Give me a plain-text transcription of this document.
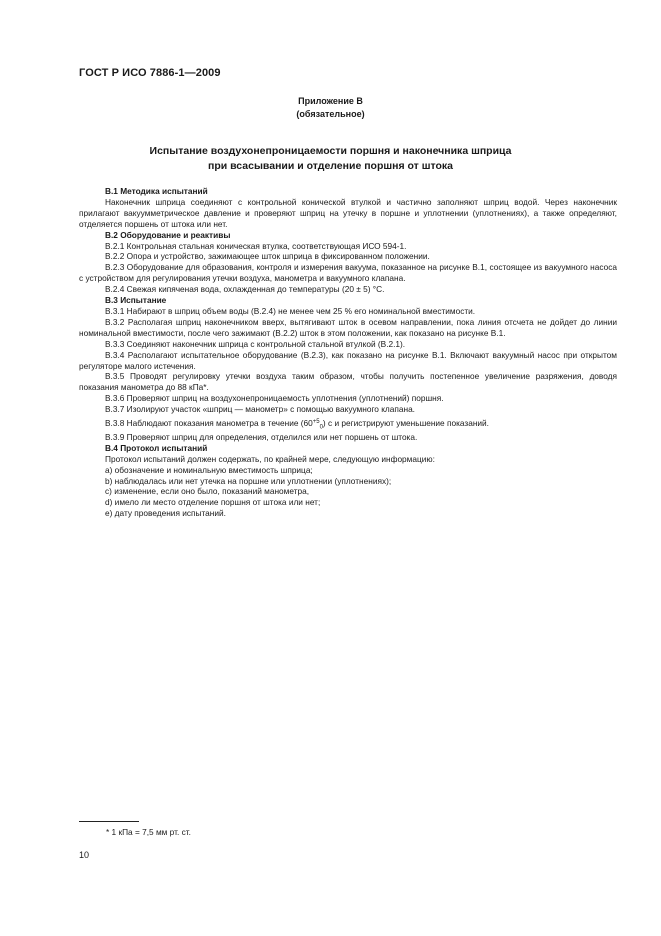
ГОСТ Р ИСО 7886-1—2009
Приложение В
(обязательное)
Испытание воздухонепроницаемости поршня и наконечника шприца
при всасывании и отделение поршня от штока

В.1 Методика испытаний

Наконечник шприца соединяют с контрольной конической втулкой и частично заполняют шприц водой. Через наконечник прилагают вакуумметрическое давление и проверяют шприц на утечку в поршне и уплотнении (уплотнениях), а также определяют, отделяется поршень от штока или нет.

В.2 Оборудование и реактивы

В.2.1 Контрольная стальная коническая втулка, соответствующая ИСО 594-1.

В.2.2 Опора и устройство, зажимающее шток шприца в фиксированном положении.

В.2.3 Оборудование для образования, контроля и измерения вакуума, показанное на рисунке В.1, состоящее из вакуумного насоса с устройством для регулирования утечки воздуха, манометра и вакуумного клапана.

В.2.4 Свежая кипяченая вода, охлажденная до температуры (20 ± 5) °С.

В.3 Испытание

В.3.1 Набирают в шприц объем воды (В.2.4) не менее чем 25 % его номинальной вместимости.

В.3.2 Располагая шприц наконечником вверх, вытягивают шток в осевом направлении, пока линия отсчета не дойдет до линии номинальной вместимости, после чего зажимают (В.2.2) шток в этом положении, как показано на рисунке В.1.

В.3.3 Соединяют наконечник шприца с контрольной стальной втулкой (В.2.1).

В.3.4 Располагают испытательное оборудование (В.2.3), как показано на рисунке В.1. Включают вакуумный насос при открытом регуляторе малого истечения.

В.3.5 Проводят регулировку утечки воздуха таким образом, чтобы получить постепенное увеличение разряжения, доводя показания манометра до 88 кПа*.

В.3.6 Проверяют шприц на воздухонепроницаемость уплотнения (уплотнений) поршня.

В.3.7 Изолируют участок «шприц — манометр» с помощью вакуумного клапана.

В.3.8 Наблюдают показания манометра в течение $(60^{+5}_0)$ с и регистрируют уменьшение показаний.

В.3.9 Проверяют шприц для определения, отделился или нет поршень от штока.

В.4 Протокол испытаний

Протокол испытаний должен содержать, по крайней мере, следующую информацию:

а) обозначение и номинальную вместимость шприца;

b) наблюдалась или нет утечка на поршне или уплотнении (уплотнениях);

с) изменение, если оно было, показаний манометра,

d) имело ли место отделение поршня от штока или нет;

е) дату проведения испытаний.

* 1 кПа = 7,5 мм рт. ст.
10
